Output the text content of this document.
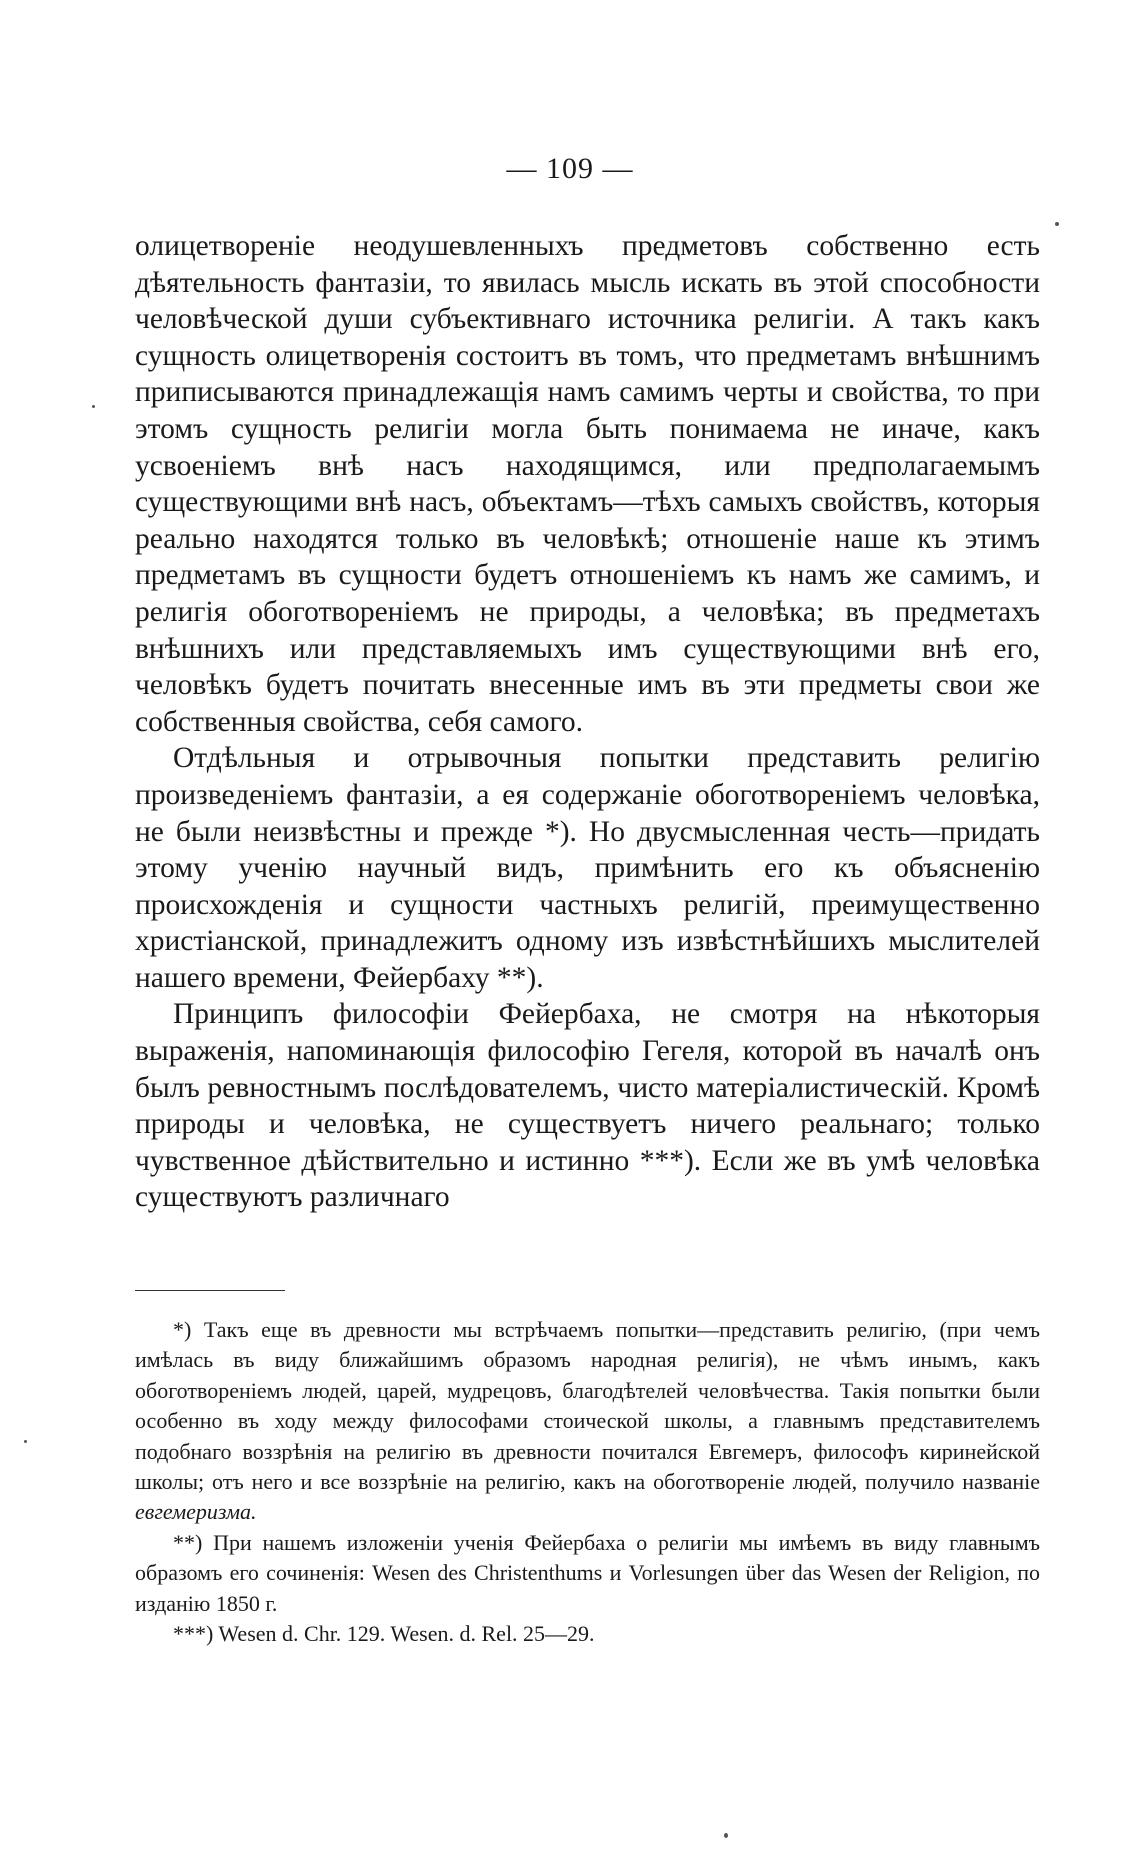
— 109 —

олицетвореніе неодушевленныхъ предметовъ собственно есть дѣятельность фантазіи, то явилась мысль искать въ этой способности человѣческой души субъективнаго источника религіи. А такъ какъ сущность олицетворенія состоитъ въ томъ, что предметамъ внѣшнимъ приписываются принадлежащія намъ самимъ черты и свойства, то при этомъ сущность религіи могла быть понимаема не иначе, какъ усвоеніемъ внѣ насъ находящимся, или предполагаемымъ существующими внѣ насъ, объектамъ—тѣхъ самыхъ свойствъ, которыя реально находятся только въ человѣкѣ; отношеніе наше къ этимъ предметамъ въ сущности будетъ отношеніемъ къ намъ же самимъ, и религія обоготвореніемъ не природы, а человѣка; въ предметахъ внѣшнихъ или представляемыхъ имъ существующими внѣ его, человѣкъ будетъ почитать внесенные имъ въ эти предметы свои же собственныя свойства, себя самого.

Отдѣльныя и отрывочныя попытки представить религію произведеніемъ фантазіи, а ея содержаніе обоготвореніемъ человѣка, не были неизвѣстны и прежде *). Но двусмысленная честь—придать этому ученію научный видъ, примѣнить его къ объясненію происхожденія и сущности частныхъ религій, преимущественно христіанской, принадлежитъ одному изъ извѣстнѣйшихъ мыслителей нашего времени, Фейербаху **).

Принципъ философіи Фейербаха, не смотря на нѣкоторыя выраженія, напоминающія философію Гегеля, которой въ началѣ онъ былъ ревностнымъ послѣдователемъ, чисто матеріалистическій. Кромѣ природы и человѣка, не существуетъ ничего реальнаго; только чувственное дѣйствительно и истинно ***). Если же въ умѣ человѣка существуютъ различнаго

*) Такъ еще въ древности мы встрѣчаемъ попытки—представить религію, (при чемъ имѣлась въ виду ближайшимъ образомъ народная религія), не чѣмъ инымъ, какъ обоготвореніемъ людей, царей, мудрецовъ, благодѣтелей человѣчества. Такія попытки были особенно въ ходу между философами стоической школы, а главнымъ представителемъ подобнаго воззрѣнія на религію въ древности почитался Евгемеръ, философъ киринейской школы; отъ него и все воззрѣніе на религію, какъ на обоготвореніе людей, получило названіе евгемеризма.

**) При нашемъ изложеніи ученія Фейербаха о религіи мы имѣемъ въ виду главнымъ образомъ его сочиненія: Wesen des Christenthums и Vorlesungen über das Wesen der Religion, по изданію 1850 г.

***) Wesen d. Chr. 129. Wesen. d. Rel. 25—29.
